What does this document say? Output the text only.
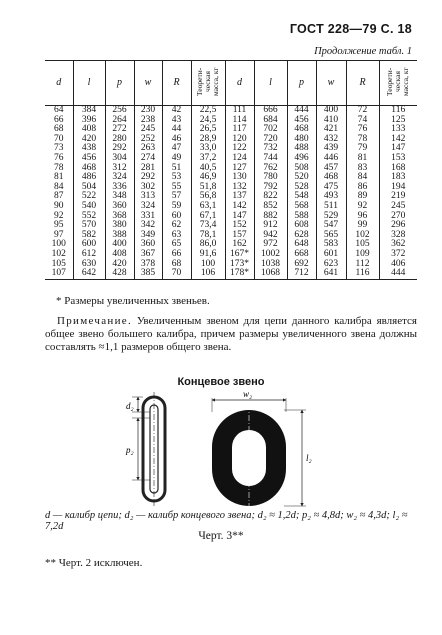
ГОСТ 228—79 С. 18
Продолжение табл. 1
d	l	p	w	R	Теорети-ческая масса, кг	d	l	p	w	R	Теорети-ческая масса, кг
64	384	256	230	42	22,5	111	666	444	400	72	116
66	396	264	238	43	24,5	114	684	456	410	74	125
68	408	272	245	44	26,5	117	702	468	421	76	133
70	420	280	252	46	28,9	120	720	480	432	78	142
73	438	292	263	47	33,0	122	732	488	439	79	147
76	456	304	274	49	37,2	124	744	496	446	81	153
78	468	312	281	51	40,5	127	762	508	457	83	168
81	486	324	292	53	46,9	130	780	520	468	84	183
84	504	336	302	55	51,8	132	792	528	475	86	194
87	522	348	313	57	56,8	137	822	548	493	89	219
90	540	360	324	59	63,1	142	852	568	511	92	245
92	552	368	331	60	67,1	147	882	588	529	96	270
95	570	380	342	62	73,4	152	912	608	547	99	296
97	582	388	349	63	78,1	157	942	628	565	102	328
100	600	400	360	65	86,0	162	972	648	583	105	362
102	612	408	367	66	91,6	167*	1002	668	601	109	372
105	630	420	378	68	100	173*	1038	692	623	112	406
107	642	428	385	70	106	178*	1068	712	641	116	444
* Размеры увеличенных звеньев.
Примечание. Увеличенным звеном для цепи данного калибра является общее звено большего калибра, причем размеры увеличенного звена должны составлять ≈1,1 размеров общего звена.
Концевое звено
d₂
p₂
w₂
l₂
d — калибр цепи; d₂ — калибр концевого звена; d₂ ≈ 1,2d; p₂ ≈ 4,8d; w₂ ≈ 4,3d; l₂ ≈ 7,2d
Черт. 3**
** Черт. 2 исключен.
